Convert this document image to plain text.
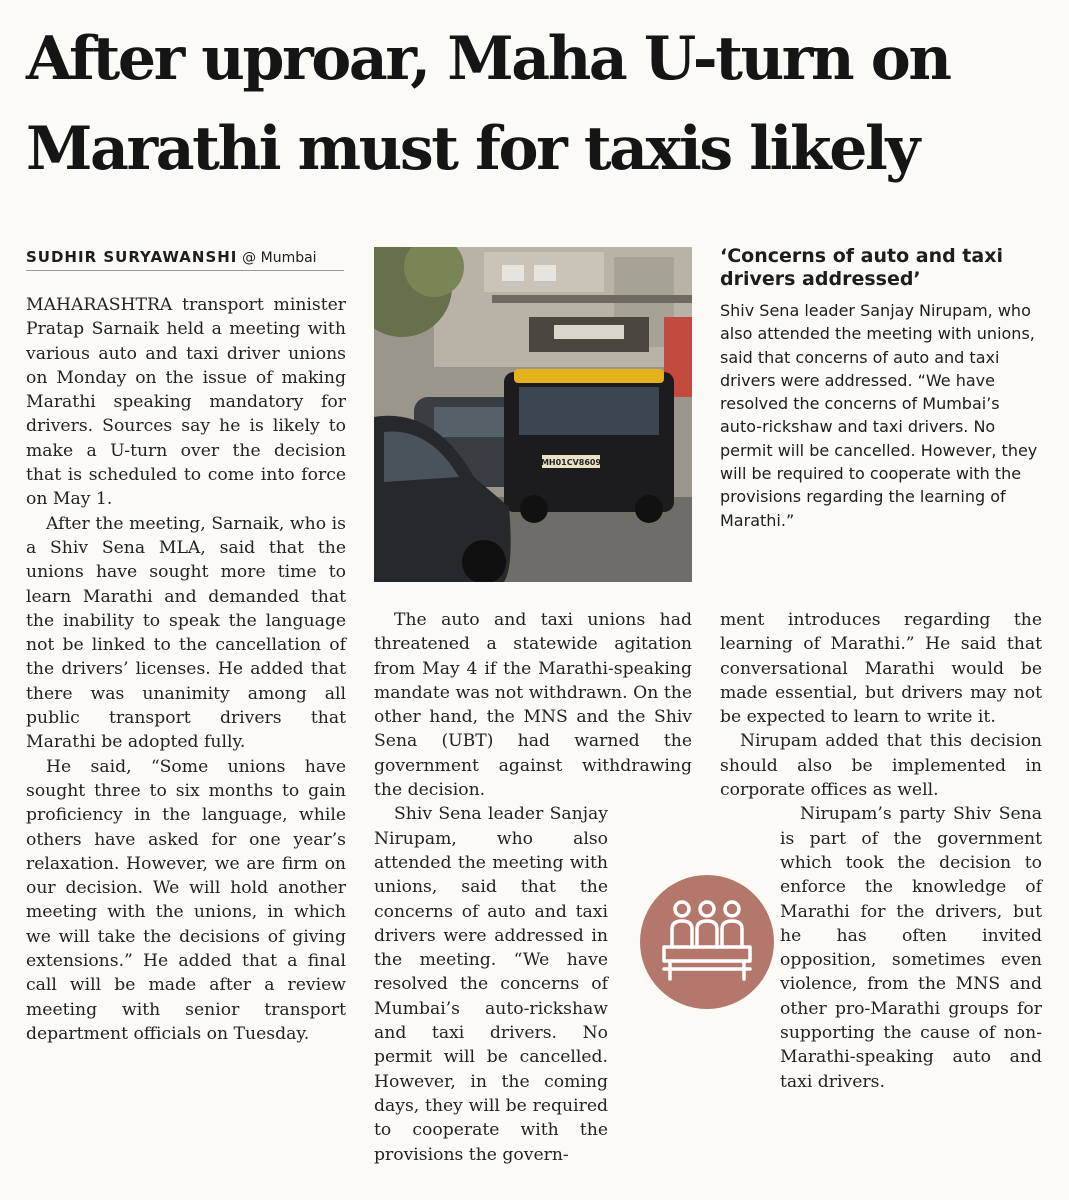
After uproar, Maha U-turn on Marathi must for taxis likely
SUDHIR SURYAWANSHI @ Mumbai

MAHARASHTRA transport minister Pratap Sarnaik held a meeting with various auto and taxi driver unions on Monday on the issue of making Marathi speaking mandatory for drivers. Sources say he is likely to make a U-turn over the decision that is scheduled to come into force on May 1.

After the meeting, Sarnaik, who is a Shiv Sena MLA, said that the unions have sought more time to learn Marathi and demanded that the inability to speak the language not be linked to the cancellation of the drivers’ licenses. He added that there was unanimity among all public transport drivers that Marathi be adopted fully.

He said, “Some unions have sought three to six months to gain proficiency in the language, while others have asked for one year’s relaxation. However, we are firm on our decision. We will hold another meeting with the unions, in which we will take the decisions of giving extensions.” He added that a final call will be made after a review meeting with senior transport department officials on Tuesday.

MH01CV8609

‘Concerns of auto and taxi drivers addressed’

Shiv Sena leader Sanjay Nirupam, who also attended the meeting with unions, said that concerns of auto and taxi drivers were addressed. “We have resolved the concerns of Mumbai’s auto-rickshaw and taxi drivers. No permit will be cancelled. However, they will be required to cooperate with the provisions regarding the learning of Marathi.”

The auto and taxi unions had threatened a statewide agitation from May 4 if the Marathi-speaking mandate was not withdrawn. On the other hand, the MNS and the Shiv Sena (UBT) had warned the government against withdrawing the decision.

Shiv Sena leader Sanjay Nirupam, who also attended the meeting with unions, said that the concerns of auto and taxi drivers were addressed in the meeting. “We have resolved the concerns of Mumbai’s auto-rickshaw and taxi drivers. No permit will be cancelled. However, in the coming days, they will be required to cooperate with the provisions the govern-

ment introduces regarding the learning of Marathi.” He said that conversational Marathi would be made essential, but drivers may not be expected to learn to write it.

Nirupam added that this decision should also be implemented in corporate offices as well.

Nirupam’s party Shiv Sena is part of the government which took the decision to enforce the knowledge of Marathi for the drivers, but he has often invited opposition, sometimes even violence, from the MNS and other pro-Marathi groups for supporting the cause of non-Marathi-speaking auto and taxi drivers.
